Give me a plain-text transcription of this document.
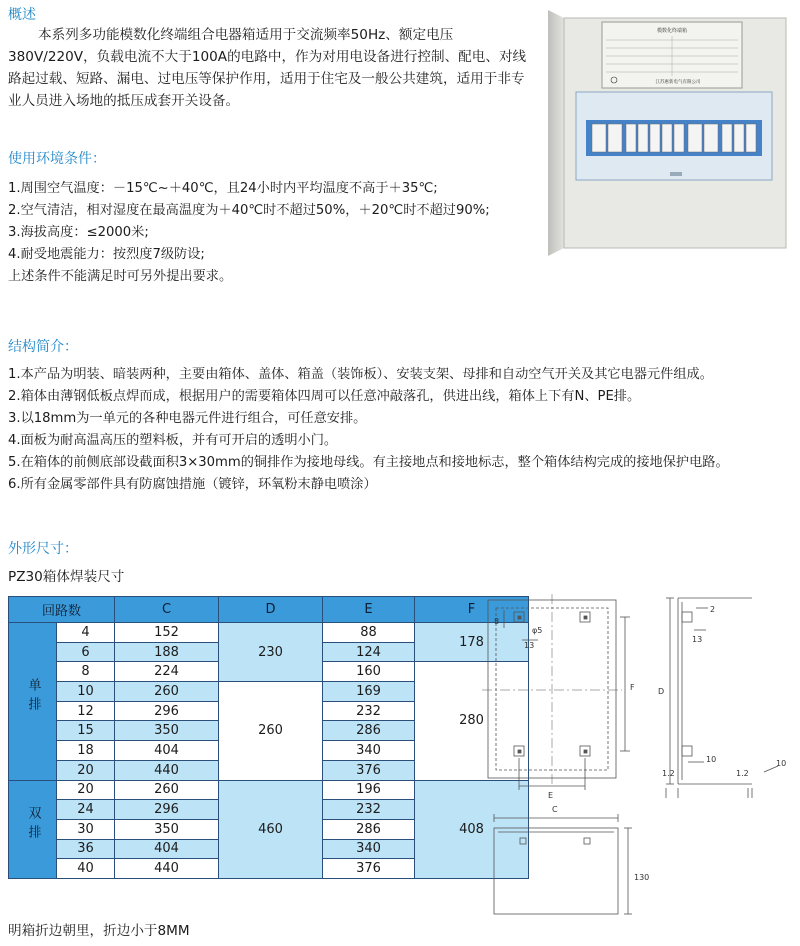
概述
本系列多功能模数化终端组合电器箱适用于交流频率50Hz、额定电压380V/220V，负载电流不大于100A的电路中，作为对用电设备进行控制、配电、对线路起过载、短路、漏电、过电压等保护作用，适用于住宅及一般公共建筑，适用于非专业人员进入场地的抵压成套开关设备。
模数化终端箱
江苏惠新电气有限公司
使用环境条件：
1.周围空气温度：－15℃~＋40℃，且24小时内平均温度不高于＋35℃;
2.空气清洁，相对湿度在最高温度为＋40℃时不超过50%，＋20℃时不超过90%;
3.海拔高度：≤2000米;
4.耐受地震能力：按烈度7级防设;
上述条件不能满足时可另外提出要求。
结构简介：
1.本产品为明装、暗装两种，主要由箱体、盖体、箱盖（装饰板）、安装支架、母排和自动空气开关及其它电器元件组成。
2.箱体由薄钢低板点焊而成，根据用户的需要箱体四周可以任意冲敲落孔，供进出线，箱体上下有N、PE排。
3.以18mm为一单元的各种电器元件进行组合，可任意安排。
4.面板为耐高温高压的塑料板，并有可开启的透明小门。
5.在箱体的前侧底部设截面积3×30mm的铜排作为接地母线。有主接地点和接地标志，整个箱体结构完成的接地保护电路。
6.所有金属零部件具有防腐蚀措施（镀锌，环氧粉末静电喷涂）
外形尺寸：
PZ30箱体焊装尺寸
回路数		C	D	E	F
单排	4	152	230	88	178
	6	188		124	
	8	224		160	280
	10	260	260	169	
	12	296		232	
	15	350		286	
	18	404		340	
	20	440		376	
双排	20	260	460	196	408
	24	296		232	
	30	350		286	
	36	404		340	
	40	440		376	
8
φ5
13
F
E
2
13
D
10
1.2	1.2
10
C
130
明箱折边朝里，折边小于8MM
